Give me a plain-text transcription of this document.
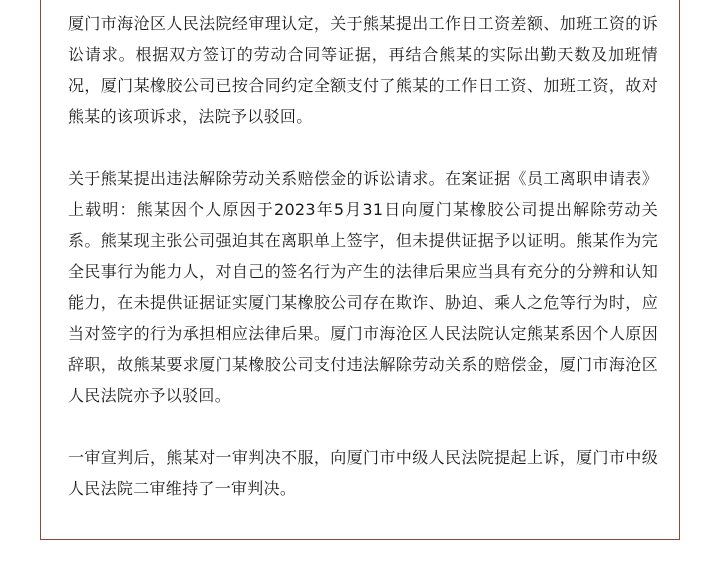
厦门市海沧区人民法院经审理认定，关于熊某提出工作日工资差额、加班工资的诉讼请求。根据双方签订的劳动合同等证据，再结合熊某的实际出勤天数及加班情况，厦门某橡胶公司已按合同约定全额支付了熊某的工作日工资、加班工资，故对熊某的该项诉求，法院予以驳回。

关于熊某提出违法解除劳动关系赔偿金的诉讼请求。在案证据《员工离职申请表》上载明：熊某因个人原因于2023年5月31日向厦门某橡胶公司提出解除劳动关系。熊某现主张公司强迫其在离职单上签字，但未提供证据予以证明。熊某作为完全民事行为能力人，对自己的签名行为产生的法律后果应当具有充分的分辨和认知能力，在未提供证据证实厦门某橡胶公司存在欺诈、胁迫、乘人之危等行为时，应当对签字的行为承担相应法律后果。厦门市海沧区人民法院认定熊某系因个人原因辞职，故熊某要求厦门某橡胶公司支付违法解除劳动关系的赔偿金，厦门市海沧区人民法院亦予以驳回。

一审宣判后，熊某对一审判决不服，向厦门市中级人民法院提起上诉，厦门市中级人民法院二审维持了一审判决。
